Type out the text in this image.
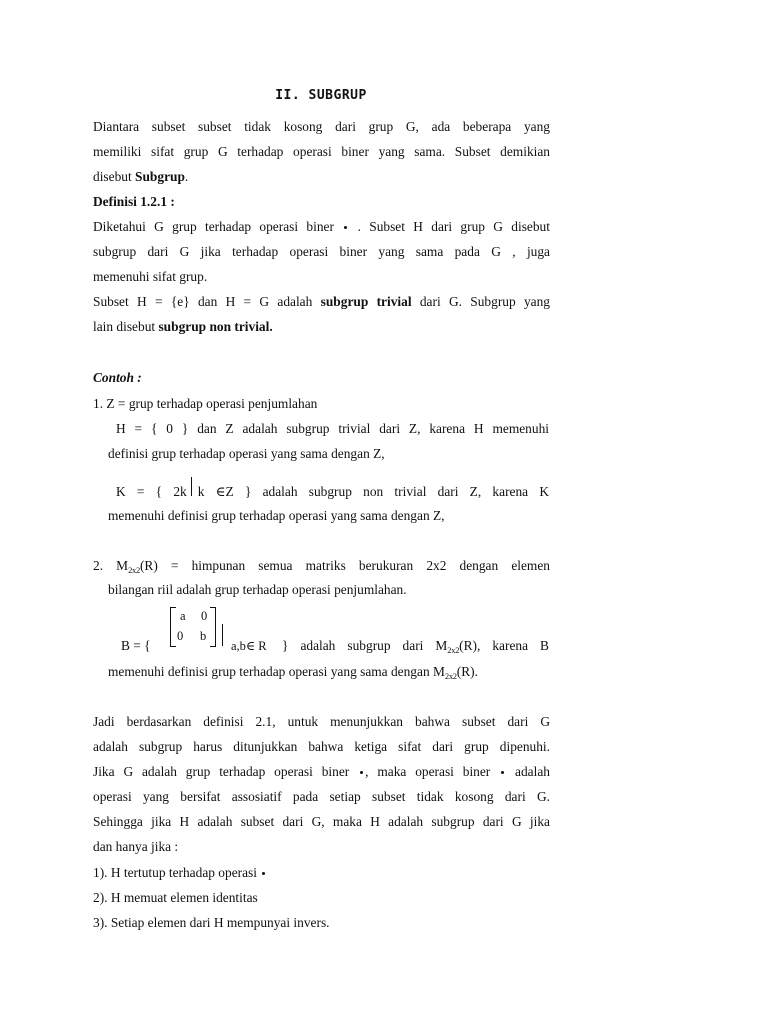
II. SUBGRUP
Diantara subset subset tidak kosong dari grup G, ada beberapa yang
memiliki sifat grup G terhadap operasi biner yang sama. Subset demikian
disebut Subgrup.
Definisi 1.2.1 :
Diketahui G grup terhadap operasi biner . Subset H dari grup G disebut
subgrup dari G jika terhadap operasi biner yang sama pada G , juga
memenuhi sifat grup.
Subset H = {e} dan H = G adalah subgrup trivial dari G. Subgrup yang
lain disebut subgrup non trivial.
Contoh :
1. Z = grup terhadap operasi penjumlahan
H = { 0 } dan Z adalah subgrup trivial dari Z, karena H memenuhi
definisi grup terhadap operasi yang sama dengan Z,
K = { 2k k ∈Z } adalah subgrup non trivial dari Z, karena K
memenuhi definisi grup terhadap operasi yang sama dengan Z,
2. $M_{2x2}(R)$ = himpunan semua matriks berukuran 2x2 dengan elemen
bilangan riil adalah grup terhadap operasi penjumlahan.
a 0
0 b
B = {	a,b∈ R } adalah subgrup dari $M_{2x2}(R)$, karena B
memenuhi definisi grup terhadap operasi yang sama dengan $M_{2x2}(R)$.
Jadi berdasarkan definisi 2.1, untuk menunjukkan bahwa subset dari G
adalah subgrup harus ditunjukkan bahwa ketiga sifat dari grup dipenuhi.
Jika G adalah grup terhadap operasi biner , maka operasi biner adalah
operasi yang bersifat assosiatif pada setiap subset tidak kosong dari G.
Sehingga jika H adalah subset dari G, maka H adalah subgrup dari G jika
dan hanya jika :
1). H tertutup terhadap operasi
2). H memuat elemen identitas
3). Setiap elemen dari H mempunyai invers.
